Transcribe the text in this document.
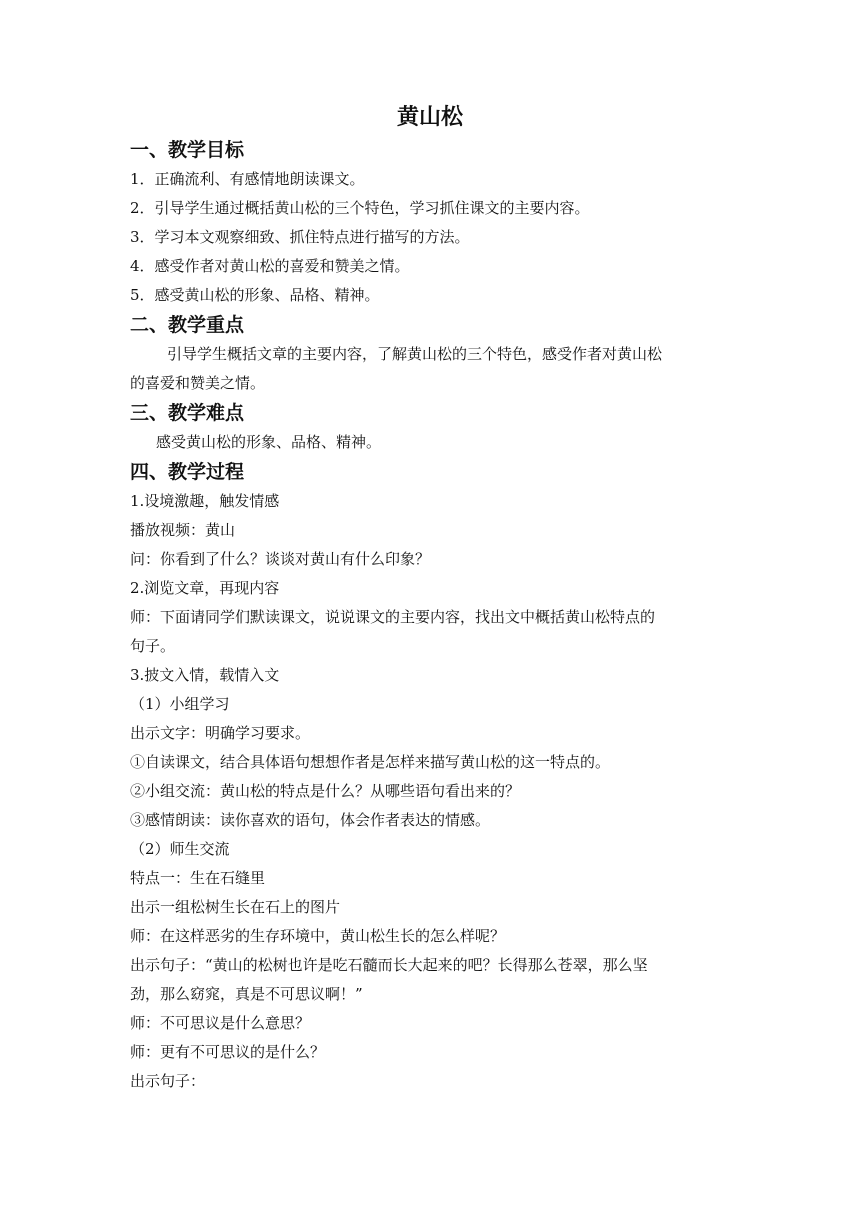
黄山松
一、教学目标
1．正确流利、有感情地朗读课文。
2．引导学生通过概括黄山松的三个特色，学习抓住课文的主要内容。
3．学习本文观察细致、抓住特点进行描写的方法。
4．感受作者对黄山松的喜爱和赞美之情。
5．感受黄山松的形象、品格、精神。
二、教学重点
引导学生概括文章的主要内容，了解黄山松的三个特色，感受作者对黄山松
的喜爱和赞美之情。
三、教学难点
感受黄山松的形象、品格、精神。
四、教学过程
1.设境激趣，触发情感
播放视频：黄山
问：你看到了什么？谈谈对黄山有什么印象？
2.浏览文章，再现内容
师：下面请同学们默读课文，说说课文的主要内容，找出文中概括黄山松特点的
句子。
3.披文入情，载情入文
（1）小组学习
出示文字：明确学习要求。
①自读课文，结合具体语句想想作者是怎样来描写黄山松的这一特点的。
②小组交流：黄山松的特点是什么？从哪些语句看出来的？
③感情朗读：读你喜欢的语句，体会作者表达的情感。
（2）师生交流
特点一：生在石缝里
出示一组松树生长在石上的图片
师：在这样恶劣的生存环境中，黄山松生长的怎么样呢？
出示句子：“黄山的松树也许是吃石髓而长大起来的吧？长得那么苍翠，那么坚
劲，那么窈窕，真是不可思议啊！”
师：不可思议是什么意思？
师：更有不可思议的是什么？
出示句子：
